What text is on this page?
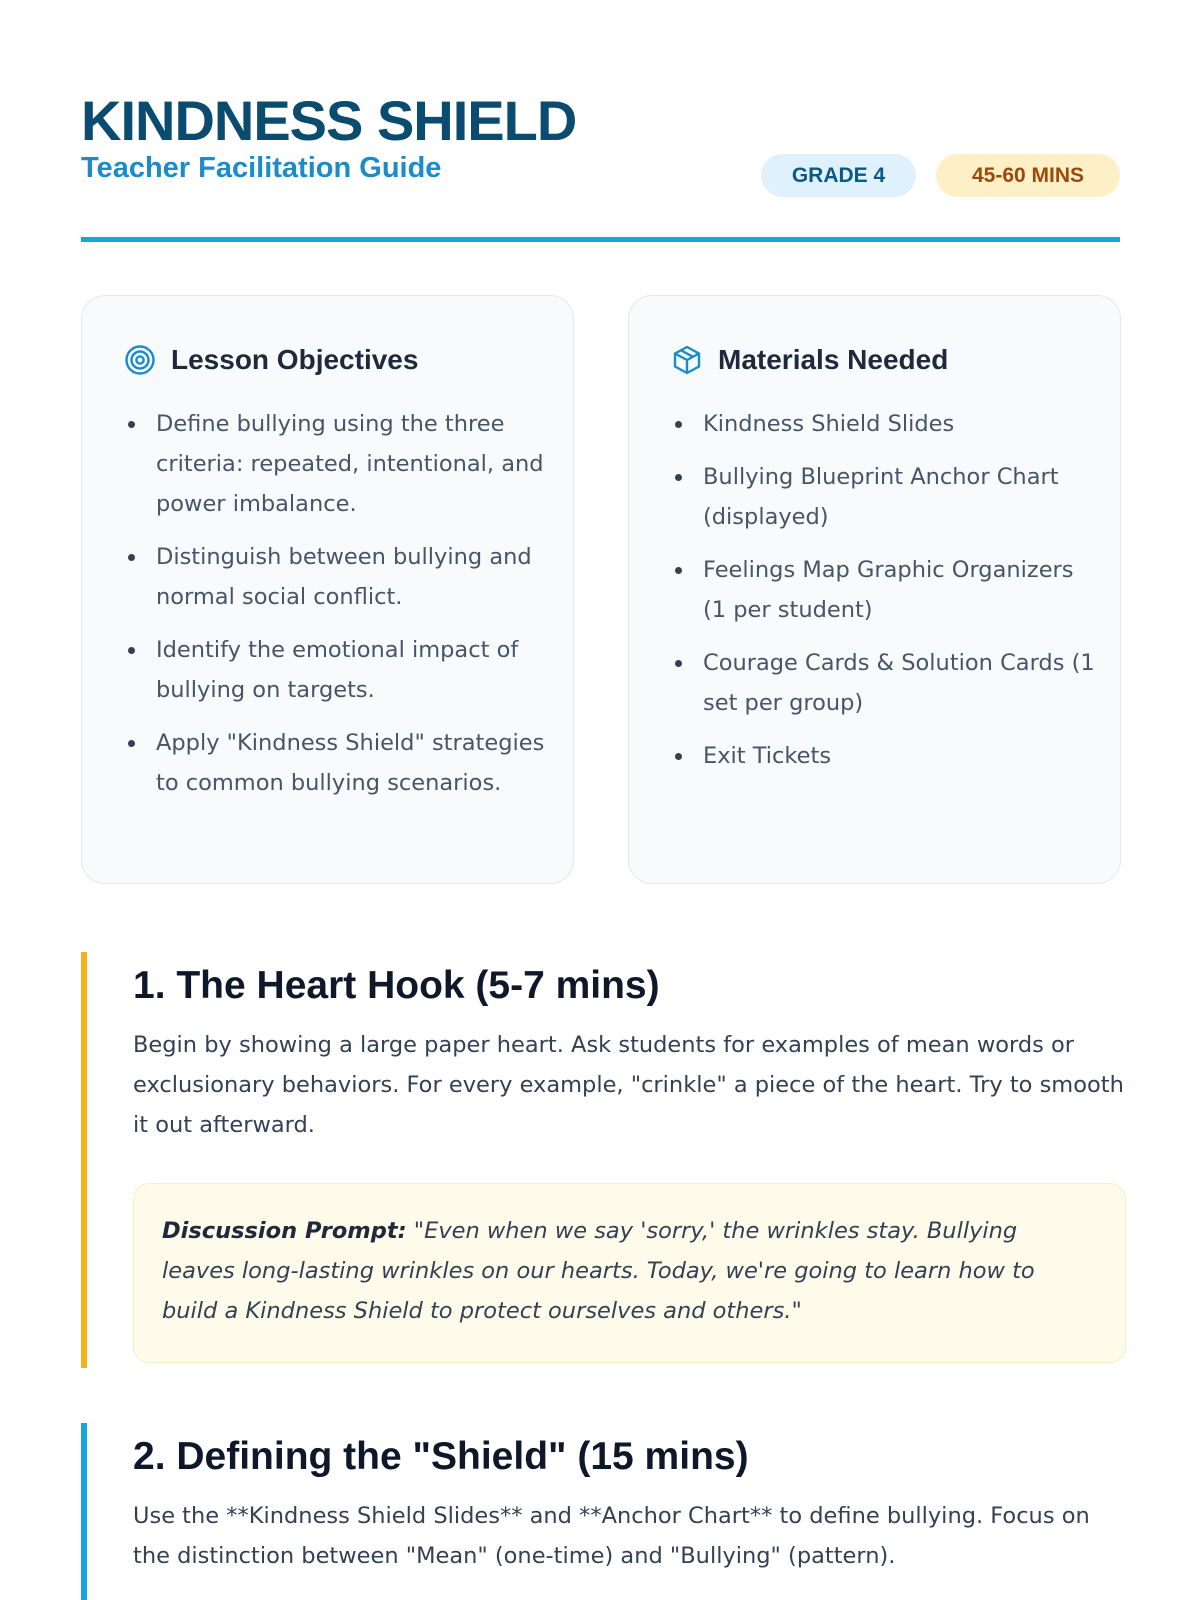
KINDNESS SHIELD
Teacher Facilitation Guide	GRADE 4	45-60 MINS
Lesson Objectives
Define bullying using the three criteria: repeated, intentional, and power imbalance.
Distinguish between bullying and normal social conflict.
Identify the emotional impact of bullying on targets.
Apply "Kindness Shield" strategies to common bullying scenarios.
Materials Needed
Kindness Shield Slides
Bullying Blueprint Anchor Chart (displayed)
Feelings Map Graphic Organizers (1 per student)
Courage Cards & Solution Cards (1 set per group)
Exit Tickets
1. The Heart Hook (5-7 mins)
Begin by showing a large paper heart. Ask students for examples of mean words or exclusionary behaviors. For every example, "crinkle" a piece of the heart. Try to smooth it out afterward.
Discussion Prompt: "Even when we say 'sorry,' the wrinkles stay. Bullying leaves long-lasting wrinkles on our hearts. Today, we're going to learn how to build a Kindness Shield to protect ourselves and others."
2. Defining the "Shield" (15 mins)
Use the **Kindness Shield Slides** and **Anchor Chart** to define bullying. Focus on the distinction between "Mean" (one-time) and "Bullying" (pattern).
